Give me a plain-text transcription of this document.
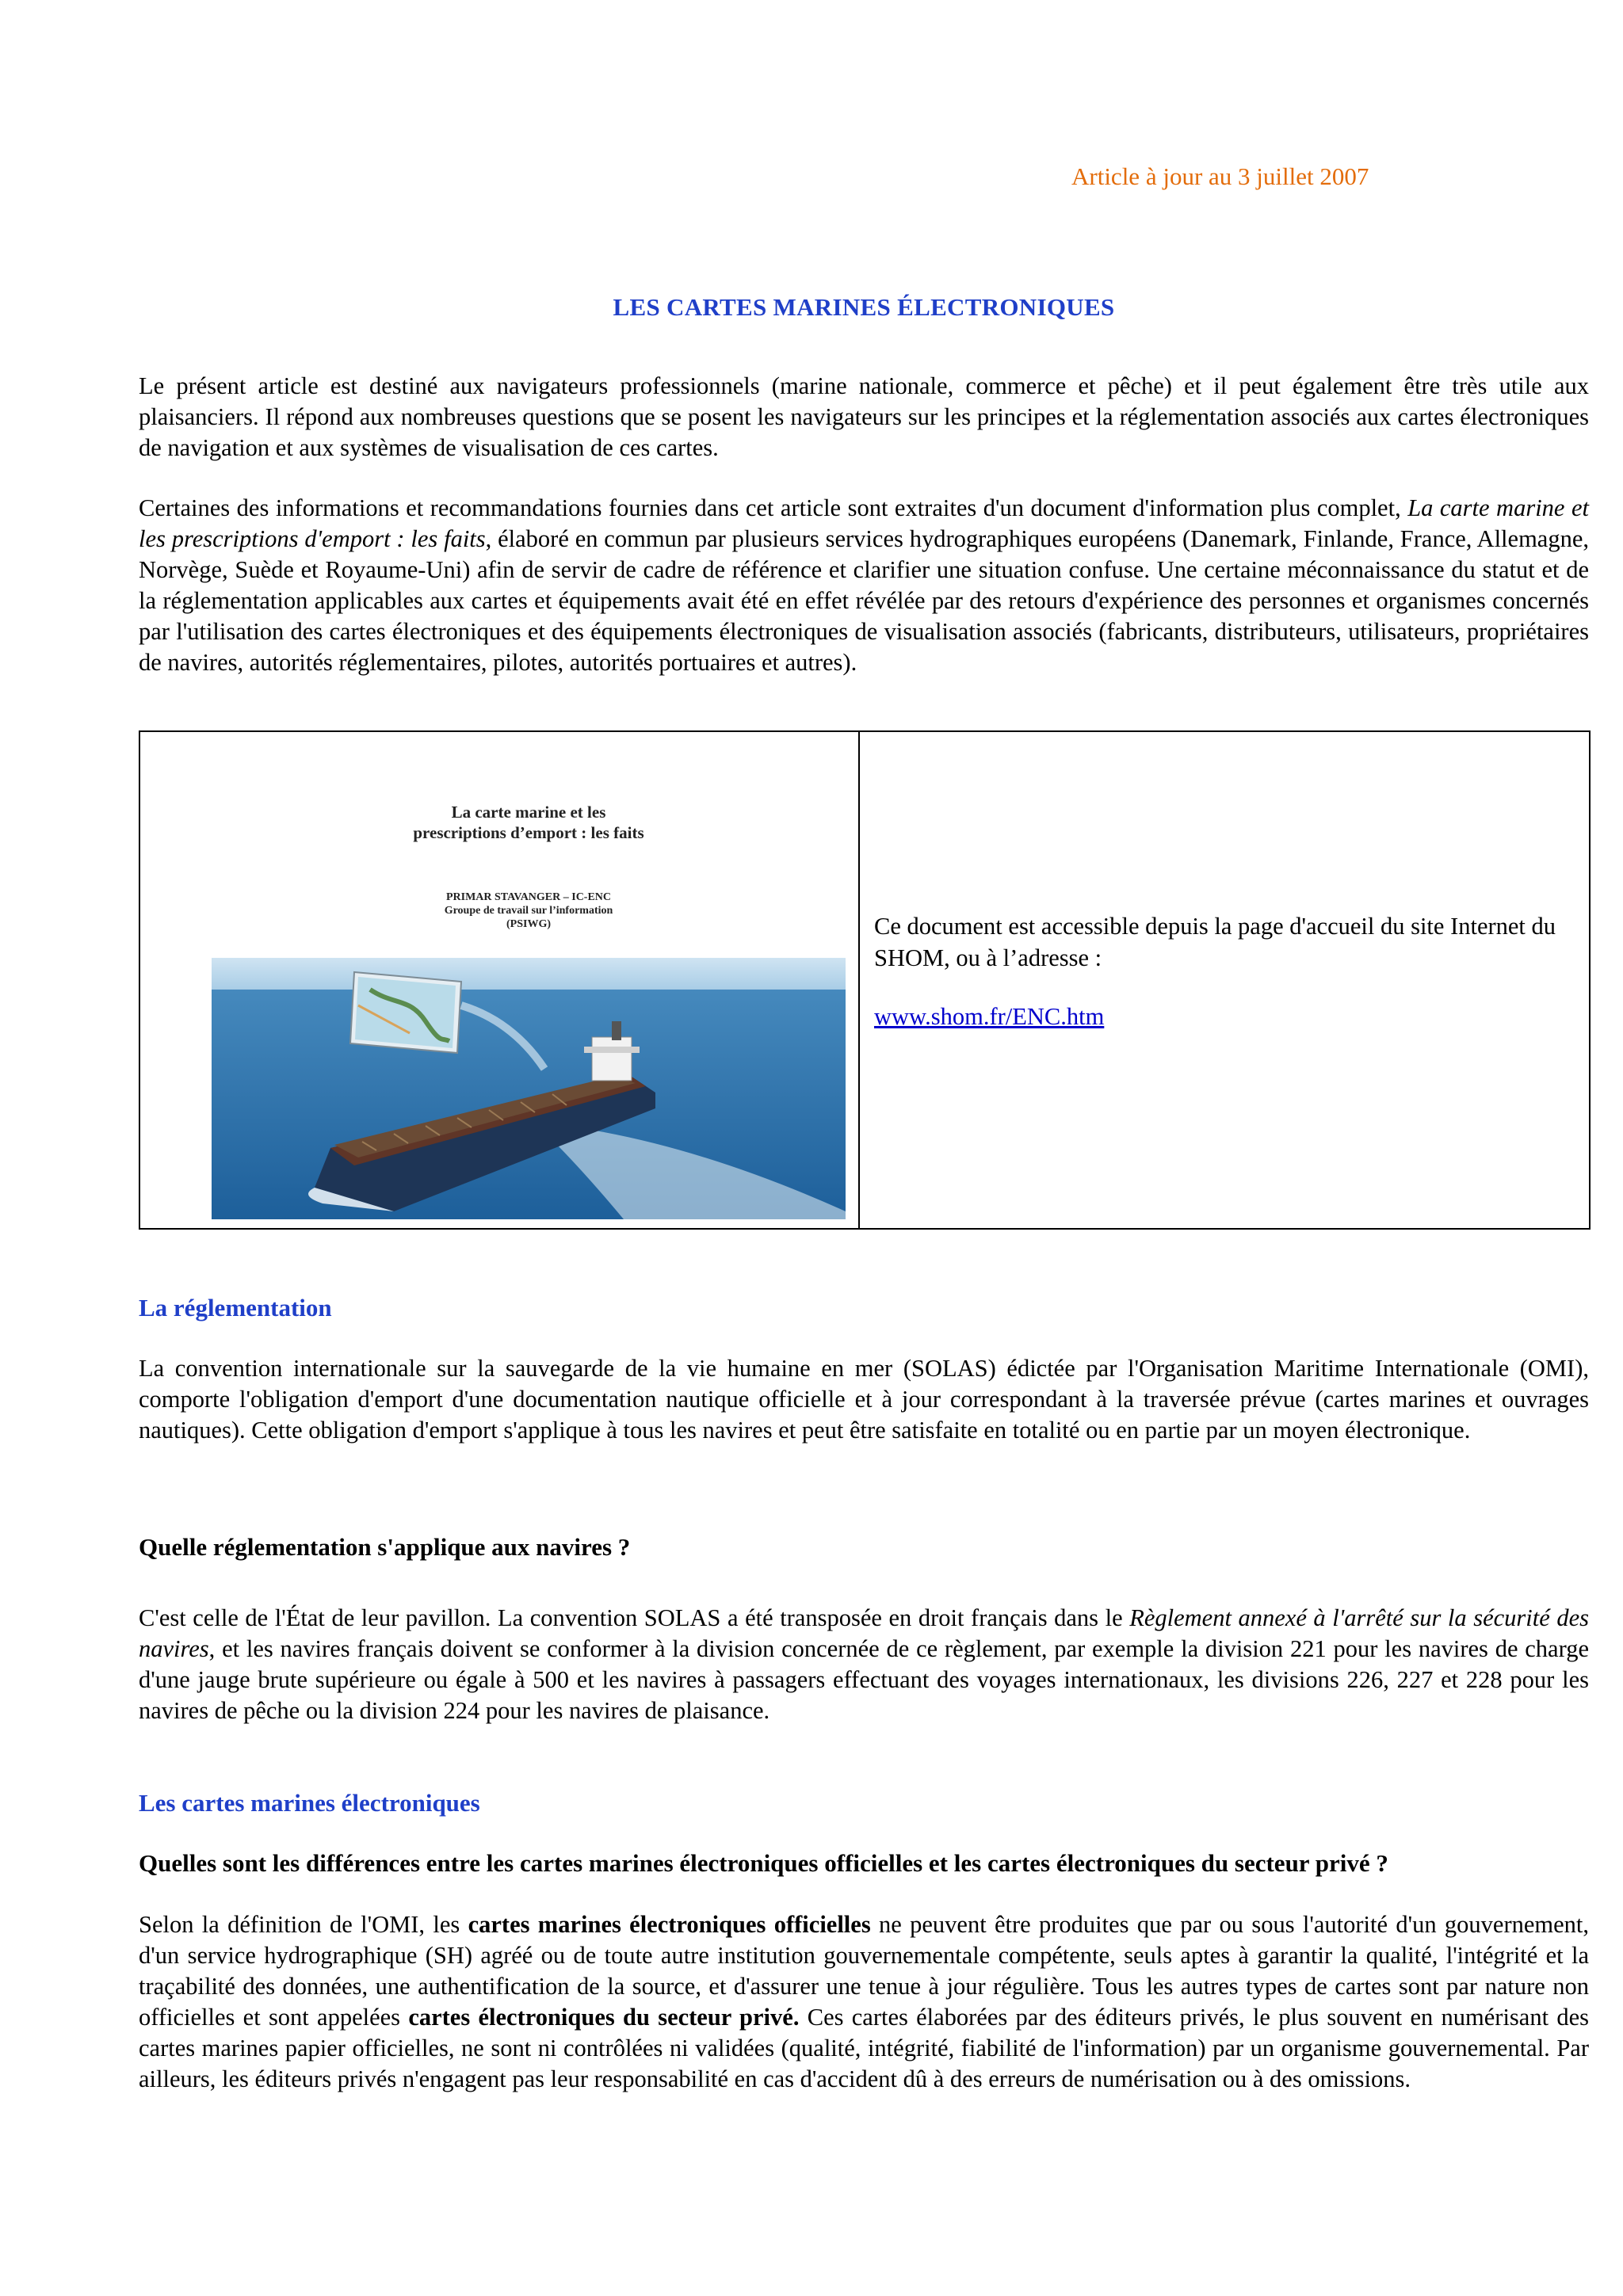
Article à jour au 3 juillet 2007
LES CARTES MARINES ÉLECTRONIQUES

Le présent article est destiné aux navigateurs professionnels (marine nationale, commerce et pêche) et il peut également être très utile aux plaisanciers. Il répond aux nombreuses questions que se posent les navigateurs sur les principes et la réglementation associés aux cartes électroniques de navigation et aux systèmes de visualisation de ces cartes.

Certaines des informations et recommandations fournies dans cet article sont extraites d'un document d'information plus complet, La carte marine et les prescriptions d'emport : les faits, élaboré en commun par plusieurs services hydrographiques européens (Danemark, Finlande, France, Allemagne, Norvège, Suède et Royaume-Uni) afin de servir de cadre de référence et clarifier une situation confuse. Une certaine méconnaissance du statut et de la réglementation applicables aux cartes et équipements avait été en effet révélée par des retours d'expérience des personnes et organismes concernés par l'utilisation des cartes électroniques et des équipements électroniques de visualisation associés (fabricants, distributeurs, utilisateurs, propriétaires de navires, autorités réglementaires, pilotes, autorités portuaires et autres).

La carte marine et les
prescriptions d’emport : les faits
PRIMAR STAVANGER – IC-ENC
Groupe de travail sur l’information
(PSIWG)	Ce document est accessible depuis la page d'accueil du site Internet du SHOM, ou à l’adresse :
www.shom.fr/ENC.htm
La réglementation

La convention internationale sur la sauvegarde de la vie humaine en mer (SOLAS) édictée par l'Organisation Maritime Internationale (OMI), comporte l'obligation d'emport d'une documentation nautique officielle et à jour correspondant à la traversée prévue (cartes marines et ouvrages nautiques). Cette obligation d'emport s'applique à tous les navires et peut être satisfaite en totalité ou en partie par un moyen électronique.

Quelle réglementation s'applique aux navires ?

C'est celle de l'État de leur pavillon. La convention SOLAS a été transposée en droit français dans le Règlement annexé à l'arrêté sur la sécurité des navires, et les navires français doivent se conformer à la division concernée de ce règlement, par exemple la division 221 pour les navires de charge d'une jauge brute supérieure ou égale à 500 et les navires à passagers effectuant des voyages internationaux, les divisions 226, 227 et 228 pour les navires de pêche ou la division 224 pour les navires de plaisance.

Les cartes marines électroniques
Quelles sont les différences entre les cartes marines électroniques officielles et les cartes électroniques du secteur privé ?

Selon la définition de l'OMI, les cartes marines électroniques officielles ne peuvent être produites que par ou sous l'autorité d'un gouvernement, d'un service hydrographique (SH) agréé ou de toute autre institution gouvernementale compétente, seuls aptes à garantir la qualité, l'intégrité et la traçabilité des données, une authentification de la source, et d'assurer une tenue à jour régulière. Tous les autres types de cartes sont par nature non officielles et sont appelées cartes électroniques du secteur privé. Ces cartes élaborées par des éditeurs privés, le plus souvent en numérisant des cartes marines papier officielles, ne sont ni contrôlées ni validées (qualité, intégrité, fiabilité de l'information) par un organisme gouvernemental. Par ailleurs, les éditeurs privés n'engagent pas leur responsabilité en cas d'accident dû à des erreurs de numérisation ou à des omissions.
